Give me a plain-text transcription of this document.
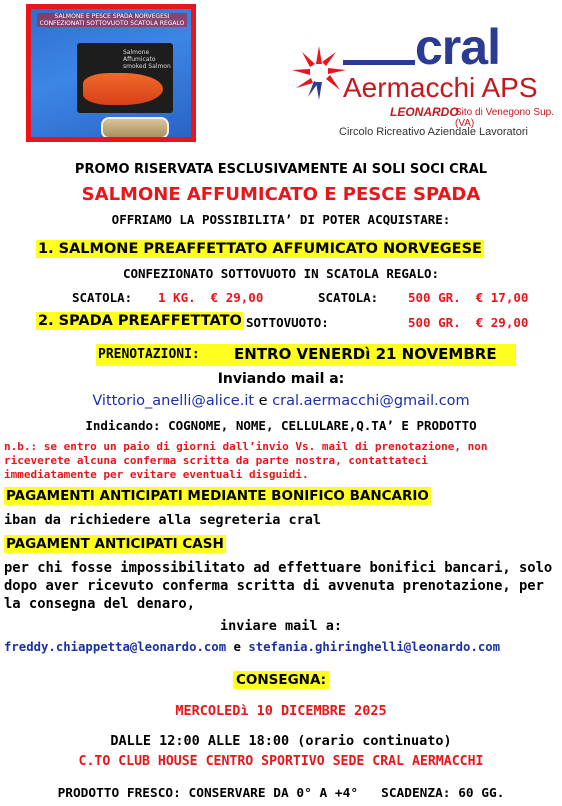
SALMONE E PESCE SPADA NORVEGESI CONFEZIONATI SOTTOVUOTO SCATOLA REGALO
Salmone Affumicato smoked Salmon	cral
Aermacchi APS
LEONARDO
Sito di Venegono Sup. (VA)
Circolo Ricreativo Aziendale Lavoratori
PROMO RISERVATA ESCLUSIVAMENTE AI SOLI SOCI CRAL
SALMONE AFFUMICATO E PESCE SPADA
OFFRIAMO LA POSSIBILITA’ DI POTER ACQUISTARE:
1. SALMONE PREAFFETTATO AFFUMICATO NORVEGESE
CONFEZIONATO SOTTOVUOTO IN SCATOLA REGALO:
SCATOLA: 1 KG.  € 29,00	SCATOLA: 500 GR.  € 17,00
2. SPADA PREAFFETTATO SOTTOVUOTO:	500 GR.  € 29,00
PRENOTAZIONI: ENTRO VENERDì 21 NOVEMBRE
Inviando mail a:
Vittorio_anelli@alice.it e cral.aermacchi@gmail.com
Indicando: COGNOME, NOME, CELLULARE,Q.TA’ E PRODOTTO
n.b.: se entro un paio di giorni dall’invio Vs. mail di prenotazione, non
riceverete alcuna conferma scritta da parte nostra, contattateci
immediatamente per evitare eventuali disguidi.
PAGAMENTI ANTICIPATI MEDIANTE BONIFICO BANCARIO
iban da richiedere alla segreteria cral
PAGAMENT ANTICIPATI CASH
per chi fosse impossibilitato ad effettuare bonifici bancari, solo
dopo aver ricevuto conferma scritta di avvenuta prenotazione, per
la consegna del denaro,
inviare mail a:
freddy.chiappetta@leonardo.com e stefania.ghiringhelli@leonardo.com
CONSEGNA:
MERCOLEDì 10 DICEMBRE 2025
DALLE 12:00 ALLE 18:00 (orario continuato)
C.TO CLUB HOUSE CENTRO SPORTIVO SEDE CRAL AERMACCHI
PRODOTTO FRESCO: CONSERVARE DA 0° A +4°   SCADENZA: 60 GG.
